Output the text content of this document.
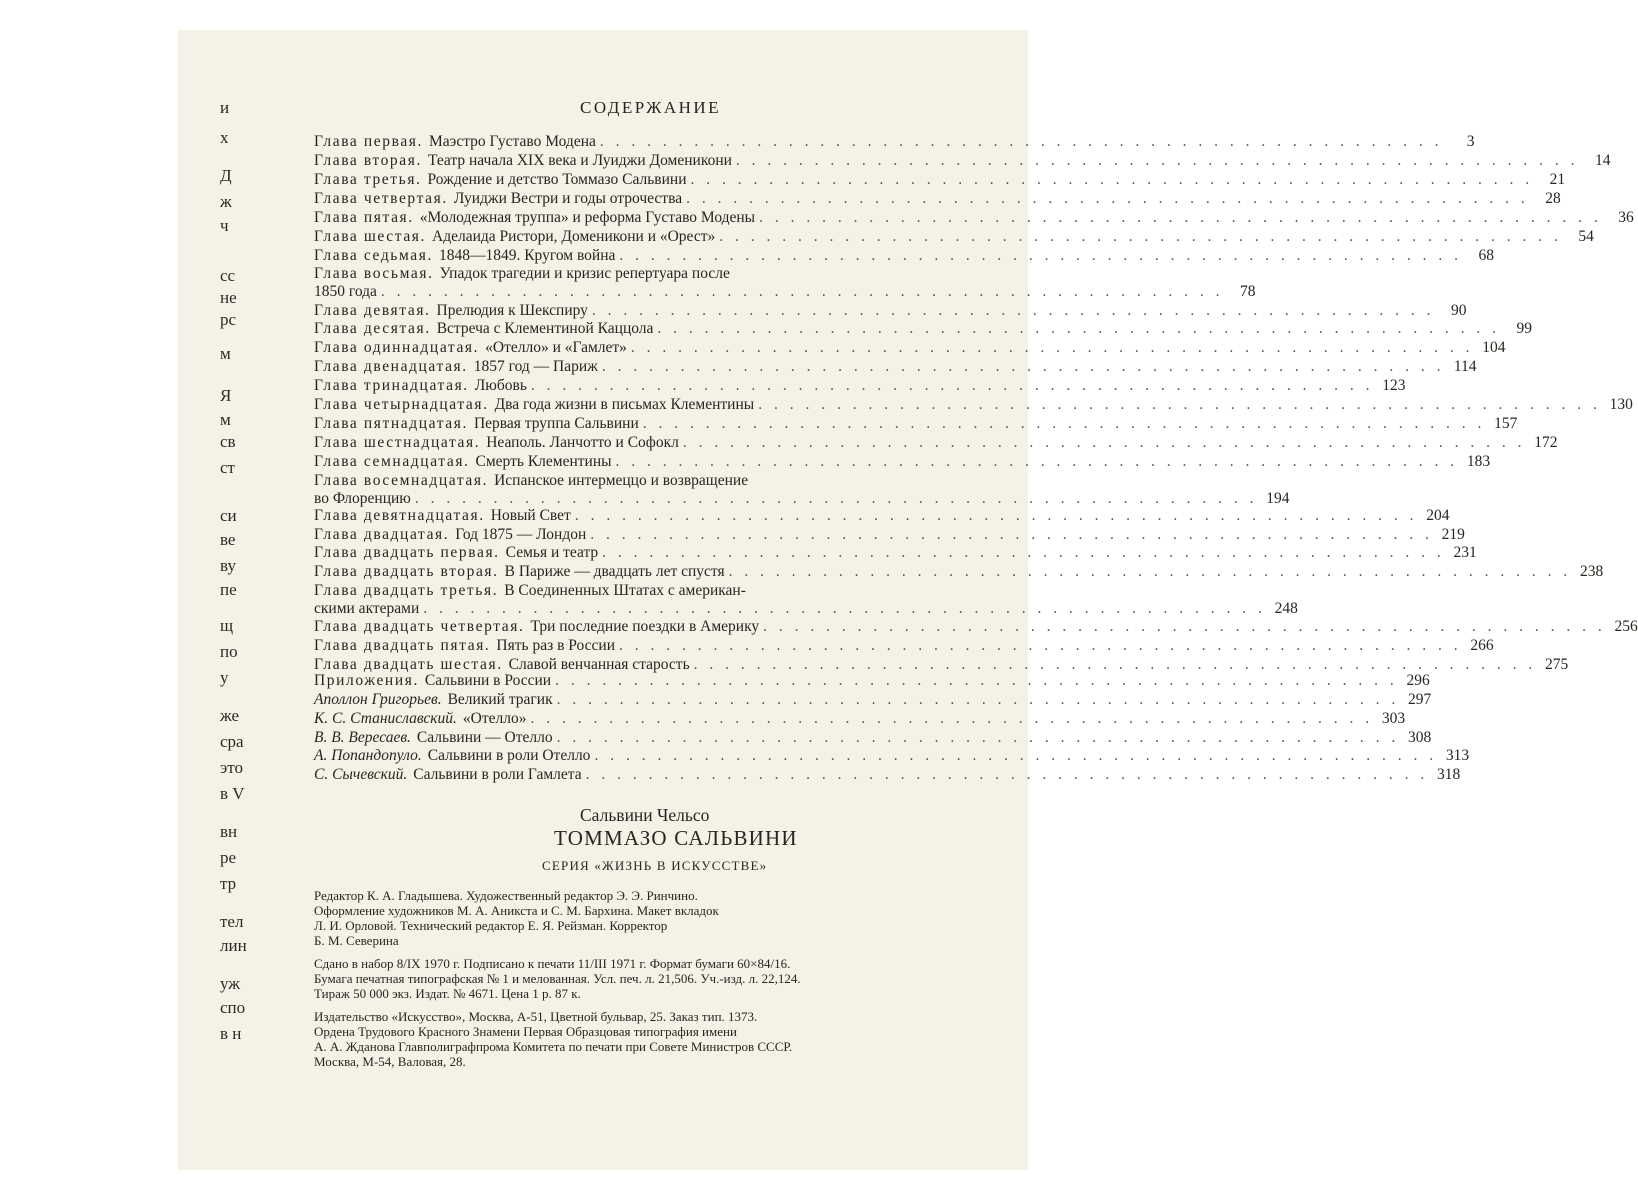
и
х
Д
ж
ч
сс
не
рс
м
Я
м
св
ст
си
ве
ву
пе
щ
по
у
же
сра
это
в V
вн
ре
тр
тел
лин
уж
спо
в н
СОДЕРЖАНИЕ
Глава первая. Маэстро Густаво Модена . . . . . . . . . . . . . . . . . . . . . . . . . . . . . . . . . . . . . . . . . . . . . . . . . . . . . .	3
Глава вторая. Театр начала XIX века и Луиджи Доменикони . . . . . . . . . . . . . . . . . . . . . . . . . . . . . . . . . . . . . . . . . . . . . . . . . . . . . .	14
Глава третья. Рождение и детство Томмазо Сальвини . . . . . . . . . . . . . . . . . . . . . . . . . . . . . . . . . . . . . . . . . . . . . . . . . . . . . .	21
Глава четвертая. Луиджи Вестри и годы отрочества . . . . . . . . . . . . . . . . . . . . . . . . . . . . . . . . . . . . . . . . . . . . . . . . . . . . . .	28
Глава пятая. «Молодежная труппа» и реформа Густаво Модены . . . . . . . . . . . . . . . . . . . . . . . . . . . . . . . . . . . . . . . . . . . . . . . . . . . . . .	36
Глава шестая. Аделаида Ристори, Доменикони и «Орест» . . . . . . . . . . . . . . . . . . . . . . . . . . . . . . . . . . . . . . . . . . . . . . . . . . . . . .	54
Глава седьмая. 1848—1849. Кругом война . . . . . . . . . . . . . . . . . . . . . . . . . . . . . . . . . . . . . . . . . . . . . . . . . . . . . .	68
Глава восьмая. Упадок трагедии и кризис репертуара после
1850 года . . . . . . . . . . . . . . . . . . . . . . . . . . . . . . . . . . . . . . . . . . . . . . . . . . . . . .	78
Глава девятая. Прелюдия к Шекспиру . . . . . . . . . . . . . . . . . . . . . . . . . . . . . . . . . . . . . . . . . . . . . . . . . . . . . .	90
Глава десятая. Встреча с Клементиной Каццола . . . . . . . . . . . . . . . . . . . . . . . . . . . . . . . . . . . . . . . . . . . . . . . . . . . . . .	99
Глава одиннадцатая. «Отелло» и «Гамлет» . . . . . . . . . . . . . . . . . . . . . . . . . . . . . . . . . . . . . . . . . . . . . . . . . . . . . . 104
Глава двенадцатая. 1857 год — Париж . . . . . . . . . . . . . . . . . . . . . . . . . . . . . . . . . . . . . . . . . . . . . . . . . . . . . . 114
Глава тринадцатая. Любовь . . . . . . . . . . . . . . . . . . . . . . . . . . . . . . . . . . . . . . . . . . . . . . . . . . . . . . 123
Глава четырнадцатая. Два года жизни в письмах Клементины . . . . . . . . . . . . . . . . . . . . . . . . . . . . . . . . . . . . . . . . . . . . . . . . . . . . . . 130
Глава пятнадцатая. Первая труппа Сальвини . . . . . . . . . . . . . . . . . . . . . . . . . . . . . . . . . . . . . . . . . . . . . . . . . . . . . . 157
Глава шестнадцатая. Неаполь. Ланчотто и Софокл . . . . . . . . . . . . . . . . . . . . . . . . . . . . . . . . . . . . . . . . . . . . . . . . . . . . . . 172
Глава семнадцатая. Смерть Клементины . . . . . . . . . . . . . . . . . . . . . . . . . . . . . . . . . . . . . . . . . . . . . . . . . . . . . . 183
Глава восемнадцатая. Испанское интермеццо и возвращение
во Флоренцию . . . . . . . . . . . . . . . . . . . . . . . . . . . . . . . . . . . . . . . . . . . . . . . . . . . . . . 194
Глава девятнадцатая. Новый Свет . . . . . . . . . . . . . . . . . . . . . . . . . . . . . . . . . . . . . . . . . . . . . . . . . . . . . . 204
Глава двадцатая. Год 1875 — Лондон . . . . . . . . . . . . . . . . . . . . . . . . . . . . . . . . . . . . . . . . . . . . . . . . . . . . . . 219
Глава двадцать первая. Семья и театр . . . . . . . . . . . . . . . . . . . . . . . . . . . . . . . . . . . . . . . . . . . . . . . . . . . . . . 231
Глава двадцать вторая. В Париже — двадцать лет спустя . . . . . . . . . . . . . . . . . . . . . . . . . . . . . . . . . . . . . . . . . . . . . . . . . . . . . . 238
Глава двадцать третья. В Соединенных Штатах с американ-
скими актерами . . . . . . . . . . . . . . . . . . . . . . . . . . . . . . . . . . . . . . . . . . . . . . . . . . . . . . 248
Глава двадцать четвертая. Три последние поездки в Америку . . . . . . . . . . . . . . . . . . . . . . . . . . . . . . . . . . . . . . . . . . . . . . . . . . . . . . 256
Глава двадцать пятая. Пять раз в России . . . . . . . . . . . . . . . . . . . . . . . . . . . . . . . . . . . . . . . . . . . . . . . . . . . . . . 266
Глава двадцать шестая. Славой венчанная старость . . . . . . . . . . . . . . . . . . . . . . . . . . . . . . . . . . . . . . . . . . . . . . . . . . . . . . 275
Приложения. Сальвини в России . . . . . . . . . . . . . . . . . . . . . . . . . . . . . . . . . . . . . . . . . . . . . . . . . . . . . . 296
Аполлон Григорьев. Великий трагик . . . . . . . . . . . . . . . . . . . . . . . . . . . . . . . . . . . . . . . . . . . . . . . . . . . . . . 297
К. С. Станиславский. «Отелло» . . . . . . . . . . . . . . . . . . . . . . . . . . . . . . . . . . . . . . . . . . . . . . . . . . . . . . 303
В. В. Вересаев. Сальвини — Отелло . . . . . . . . . . . . . . . . . . . . . . . . . . . . . . . . . . . . . . . . . . . . . . . . . . . . . . 308
А. Попандопуло. Сальвини в роли Отелло . . . . . . . . . . . . . . . . . . . . . . . . . . . . . . . . . . . . . . . . . . . . . . . . . . . . . . 313
С. Сычевский. Сальвини в роли Гамлета . . . . . . . . . . . . . . . . . . . . . . . . . . . . . . . . . . . . . . . . . . . . . . . . . . . . . . 318
Сальвини Чельсо
ТОММАЗО САЛЬВИНИ
СЕРИЯ «ЖИЗНЬ В ИСКУССТВЕ»
Редактор К. А. Гладышева. Художественный редактор Э. Э. Ринчино.
Оформление художников М. А. Аникста и С. М. Бархина. Макет вкладок
Л. И. Орловой. Технический редактор Е. Я. Рейзман. Корректор
Б. М. Северина
Сдано в набор 8/IX 1970 г. Подписано к печати 11/III 1971 г. Формат бумаги 60×84/16.
Бумага печатная типографская № 1 и мелованная. Усл. печ. л. 21,506. Уч.-изд. л. 22,124.
Тираж 50 000 экз. Издат. № 4671. Цена 1 р. 87 к.
Издательство «Искусство», Москва, А-51, Цветной бульвар, 25. Заказ тип. 1373.
Ордена Трудового Красного Знамени Первая Образцовая типография имени
А. А. Жданова Главполиграфпрома Комитета по печати при Совете Министров СССР.
Москва, М-54, Валовая, 28.
